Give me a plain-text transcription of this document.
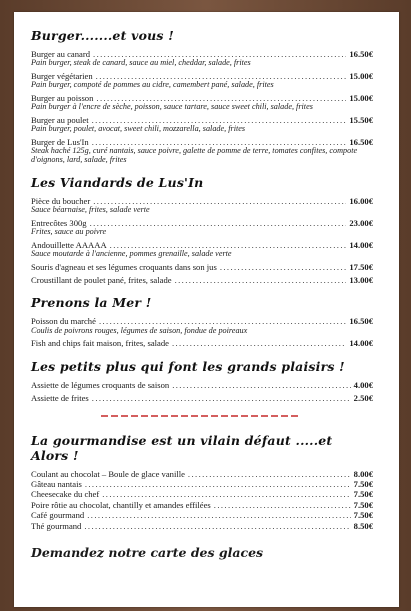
Burger.......et vous !
Burger au canard .....	16.50€
Pain burger, steak de canard, sauce au miel, cheddar, salade, frites
Burger végétarien .....	15.00€
Pain burger, compoté de pommes au cidre, camembert pané, salade, frites
Burger au poisson .....	15.00€
Pain burger à l'encre de sèche, poisson, sauce tartare, sauce sweet chili, salade, frites
Burger au poulet .....	15.50€
Pain burger, poulet, avocat, sweet chili, mozzarella, salade, frites
Burger de Lus'In .....	16.50€
Steak haché 125g, curé nantais, sauce poivre, galette de pomme de terre, tomates confites, compote d'oignons, lard, salade, frites
Les Viandards de Lus'In
Pièce du boucher .....	16.00€
Sauce béarnaise, frites, salade verte
Entrecôtes 300g .....	23.00€
Frites, sauce au poivre
Andouillette AAAAA .....	14.00€
Sauce moutarde à l'ancienne, pommes grenaille, salade verte
Souris d'agneau et ses légumes croquants dans son jus .....	17.50€
Croustillant de poulet pané, frites, salade .....	13.00€
Prenons la Mer !
Poisson du marché .....	16.50€
Coulis de poivrons rouges, légumes de saison, fondue de poireaux
Fish and chips fait maison, frites, salade .....	14.00€
Les petits plus qui font les grands plaisirs !
Assiette de légumes croquants de saison .....	4.00€
Assiette de frites .....	2.50€
La gourmandise est un vilain défaut .....et Alors !
Coulant au chocolat – Boule de glace vanille .....	8.00€
Gâteau nantais .....	7.50€
Cheesecake du chef .....	7.50€
Poire rôtie au chocolat, chantilly et amandes effilées .....	7.50€
Café gourmand .....	7.50€
Thé gourmand .....	8.50€
Demandez notre carte des glaces
